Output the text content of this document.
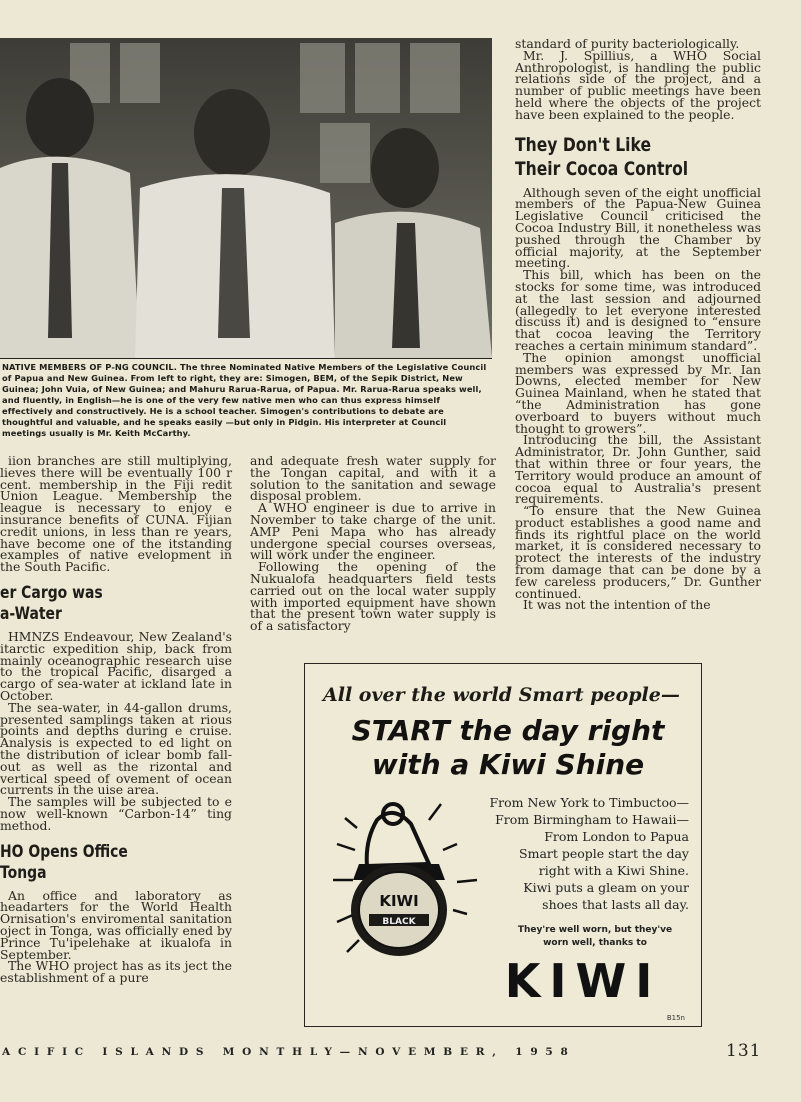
NATIVE MEMBERS OF P-NG COUNCIL. The three Nominated Native Members of the Legislative Council of Papua and New Guinea. From left to right, they are: Simogen, BEM, of the Sepik District, New Guinea; John Vuia, of New Guinea; and Mahuru Rarua-Rarua, of Papua. Mr. Rarua-Rarua speaks well, and fluently, in English—he is one of the very few native men who can thus express himself effectively and constructively. He is a school teacher. Simogen's contributions to debate are thoughtful and valuable, and he speaks easily —but only in Pidgin. His interpreter at Council meetings usually is Mr. Keith McCarthy.

iion branches are still multiplying, lieves there will be eventually 100 r cent. membership in the Fiji redit Union League. Membership the league is necessary to enjoy e insurance benefits of CUNA. Fijian credit unions, in less than re years, have become one of the itstanding examples of native evelopment in the South Pacific.

er Cargo was
a-Water

HMNZS Endeavour, New Zealand's itarctic expedition ship, back from mainly oceanographic research uise to the tropical Pacific, disarged a cargo of sea-water at ickland late in October.

The sea-water, in 44-gallon drums, presented samplings taken at rious points and depths during e cruise. Analysis is expected to ed light on the distribution of iclear bomb fall-out as well as the rizontal and vertical speed of ovement of ocean currents in the uise area.

The samples will be subjected to e now well-known “Carbon-14” ting method.

HO Opens Office
Tonga

An office and laboratory as headarters for the World Health Ornisation's enviromental sanitation oject in Tonga, was officially ened by Prince Tu'ipelehake at ikualofa in September.

The WHO project has as its ject the establishment of a pure

and adequate fresh water supply for the Tongan capital, and with it a solution to the sanitation and sewage disposal problem.

A WHO engineer is due to arrive in November to take charge of the unit. AMP Peni Mapa who has already undergone special courses overseas, will work under the engineer.

Following the opening of the Nukualofa headquarters field tests carried out on the local water supply with imported equipment have shown that the present town water supply is of a satisfactory

standard of purity bacteriologically.

Mr. J. Spillius, a WHO Social Anthropologist, is handling the public relations side of the project, and a number of public meetings have been held where the objects of the project have been explained to the people.

They Don't Like
Their Cocoa Control

Although seven of the eight unofficial members of the Papua-New Guinea Legislative Council criticised the Cocoa Industry Bill, it nonetheless was pushed through the Chamber by official majority, at the September meeting.

This bill, which has been on the stocks for some time, was introduced at the last session and adjourned (allegedly to let everyone interested discuss it) and is designed to “ensure that cocoa leaving the Territory reaches a certain minimum standard”.

The opinion amongst unofficial members was expressed by Mr. Ian Downs, elected member for New Guinea Mainland, when he stated that “the Administration has gone overboard to buyers without much thought to growers”.

Introducing the bill, the Assistant Administrator, Dr. John Gunther, said that within three or four years, the Territory would produce an amount of cocoa equal to Australia's present requirements.

“To ensure that the New Guinea product establishes a good name and finds its rightful place on the world market, it is considered necessary to protect the interests of the industry from damage that can be done by a few careless producers,” Dr. Gunther continued.

It was not the intention of the

All over the world Smart people—
START the day right
with a Kiwi Shine
KIWI
BLACK
From New York to Timbuctoo—
From Birmingham to Hawaii—
From London to Papua
Smart people start the day
right with a Kiwi Shine.
Kiwi puts a gleam on your
shoes that lasts all day.
They're well worn, but they've
worn well, thanks to
KIWI
B15n
ACIFIC ISLANDS MONTHLY—NOVEMBER, 1958	131
